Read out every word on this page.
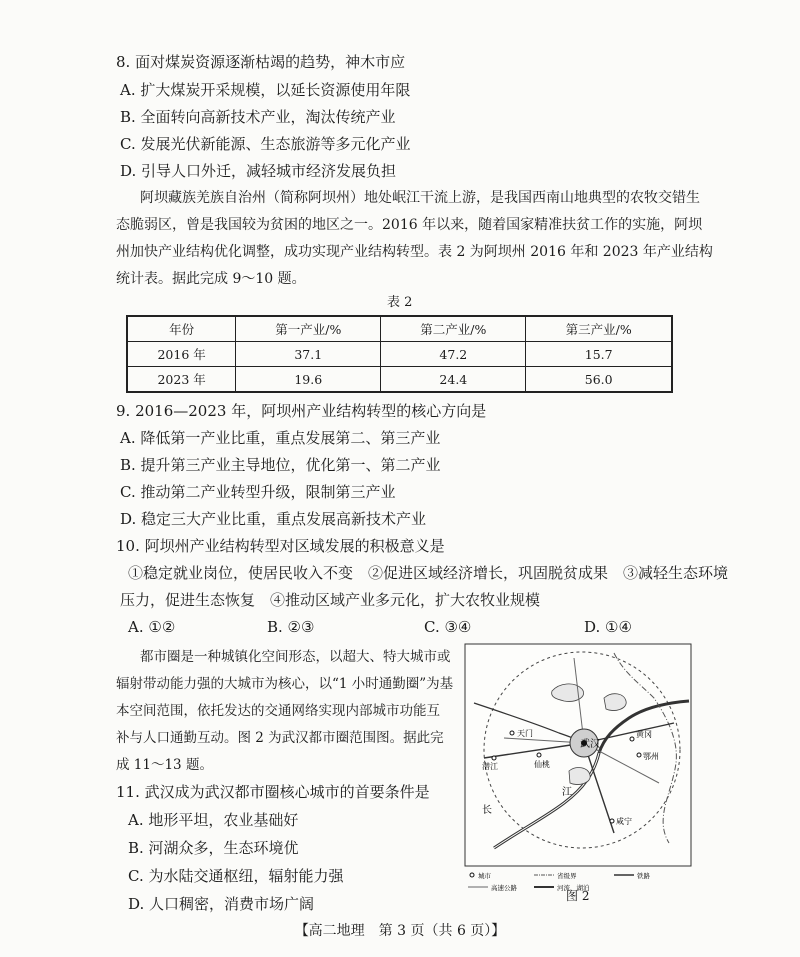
8. 面对煤炭资源逐渐枯竭的趋势，神木市应
A. 扩大煤炭开采规模，以延长资源使用年限
B. 全面转向高新技术产业，淘汰传统产业
C. 发展光伏新能源、生态旅游等多元化产业
D. 引导人口外迁，减轻城市经济发展负担
阿坝藏族羌族自治州（简称阿坝州）地处岷江干流上游，是我国西南山地典型的农牧交错生
态脆弱区，曾是我国较为贫困的地区之一。2016 年以来，随着国家精准扶贫工作的实施，阿坝
州加快产业结构优化调整，成功实现产业结构转型。表 2 为阿坝州 2016 年和 2023 年产业结构
统计表。据此完成 9～10 题。
表 2
年份	第一产业/%	第二产业/%	第三产业/%
2016 年	37.1	47.2	15.7
2023 年	19.6	24.4	56.0
9. 2016—2023 年，阿坝州产业结构转型的核心方向是
A. 降低第一产业比重，重点发展第二、第三产业
B. 提升第三产业主导地位，优化第一、第二产业
C. 推动第二产业转型升级，限制第三产业
D. 稳定三大产业比重，重点发展高新技术产业
10. 阿坝州产业结构转型对区域发展的积极意义是
①稳定就业岗位，使居民收入不变　②促进区域经济增长，巩固脱贫成果　③减轻生态环境
压力，促进生态恢复　④推动区域产业多元化，扩大农牧业规模
A. ①②	B. ②③	C. ③④	D. ①④
都市圈是一种城镇化空间形态，以超大、特大城市或
辐射带动能力强的大城市为核心，以“1 小时通勤圈”为基
本空间范围，依托发达的交通网络实现内部城市功能互
补与人口通勤互动。图 2 为武汉都市圈范围图。据此完
成 11～13 题。
11. 武汉成为武汉都市圈核心城市的首要条件是
A. 地形平坦，农业基础好
B. 河湖众多，生态环境优
C. 为水陆交通枢纽，辐射能力强
D. 人口稠密，消费市场广阔
武汉
天门
潜江	仙桃
黄冈
鄂州
咸宁
长
江
城市	省级界	铁路
高速公路	河流、湖泊
图 2
【高二地理　第 3 页（共 6 页）】
